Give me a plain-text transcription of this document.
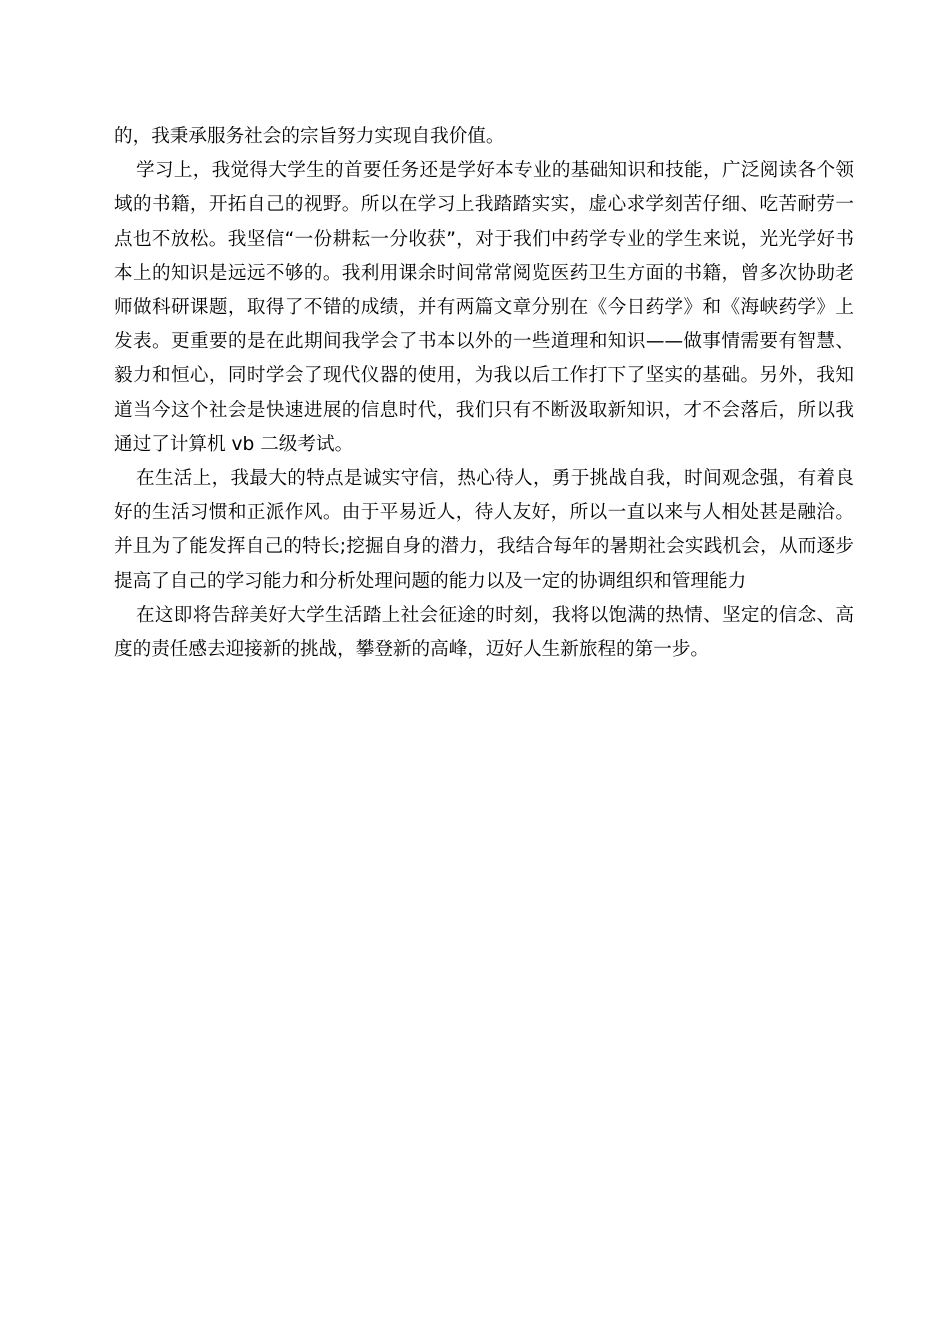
的，我秉承服务社会的宗旨努力实现自我价值。

学习上，我觉得大学生的首要任务还是学好本专业的基础知识和技能，广泛阅读各个领域的书籍，开拓自己的视野。所以在学习上我踏踏实实，虚心求学刻苦仔细、吃苦耐劳一点也不放松。我坚信“一份耕耘一分收获”，对于我们中药学专业的学生来说，光光学好书本上的知识是远远不够的。我利用课余时间常常阅览医药卫生方面的书籍，曾多次协助老师做科研课题，取得了不错的成绩，并有两篇文章分别在《今日药学》和《海峡药学》上发表。更重要的是在此期间我学会了书本以外的一些道理和知识——做事情需要有智慧、毅力和恒心，同时学会了现代仪器的使用，为我以后工作打下了坚实的基础。另外，我知道当今这个社会是快速进展的信息时代，我们只有不断汲取新知识，才不会落后，所以我通过了计算机 vb 二级考试。

在生活上，我最大的特点是诚实守信，热心待人，勇于挑战自我，时间观念强，有着良好的生活习惯和正派作风。由于平易近人，待人友好，所以一直以来与人相处甚是融洽。并且为了能发挥自己的特长;挖掘自身的潜力，我结合每年的暑期社会实践机会，从而逐步提高了自己的学习能力和分析处理问题的能力以及一定的协调组织和管理能力

在这即将告辞美好大学生活踏上社会征途的时刻，我将以饱满的热情、坚定的信念、高度的责任感去迎接新的挑战，攀登新的高峰，迈好人生新旅程的第一步。
